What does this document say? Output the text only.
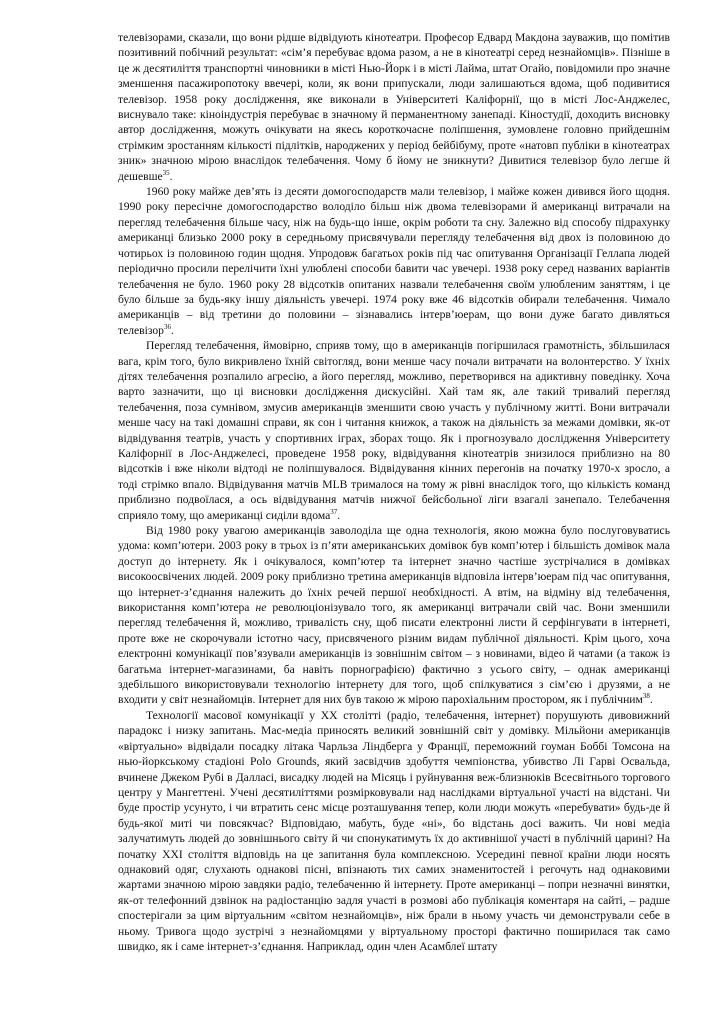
телевізорами, сказали, що вони рідше відвідують кінотеатри. Професор Едвард Макдона зауважив, що помітив позитивний побічний результат: «сім’я перебуває вдома разом, а не в кінотеатрі серед незнайомців». Пізніше в це ж десятиліття транспортні чиновники в місті Нью-Йорк і в місті Лайма, штат Огайо, повідомили про значне зменшення пасажиропотоку ввечері, коли, як вони припускали, люди залишаються вдома, щоб подивитися телевізор. 1958 року дослідження, яке виконали в Університеті Каліфорнії, що в місті Лос-Анджелес, виснувало таке: кіноіндустрія перебуває в значному й перманентному занепаді. Кіностудії, доходить висновку автор дослідження, можуть очікувати на якесь короткочасне поліпшення, зумовлене головно прийдешнім стрімким зростанням кількості підлітків, народжених у період бейбібуму, проте «натовп публіки в кінотеатрах зник» значною мірою внаслідок телебачення. Чому б йому не зникнути? Дивитися телевізор було легше й дешевше$^{35}$.

1960 року майже дев’ять із десяти домогосподарств мали телевізор, і майже кожен дивився його щодня. 1990 року пересічне домогосподарство володіло більш ніж двома телевізорами й американці витрачали на перегляд телебачення більше часу, ніж на будь-що інше, окрім роботи та сну. Залежно від способу підрахунку американці близько 2000 року в середньому присвячували перегляду телебачення від двох із половиною до чотирьох із половиною годин щодня. Упродовж багатьох років під час опитування Організації Геллапа людей періодично просили перелічити їхні улюблені способи бавити час увечері. 1938 року серед названих варіантів телебачення не було. 1960 року 28 відсотків опитаних назвали телебачення своїм улюбленим заняттям, і це було більше за будь-яку іншу діяльність увечері. 1974 року вже 46 відсотків обирали телебачення. Чимало американців – від третини до половини – зізнавались інтерв’юерам, що вони дуже багато дивляться телевізор$^{36}$.

Перегляд телебачення, ймовірно, сприяв тому, що в американців погіршилася грамотність, збільшилася вага, крім того, було викривлено їхній світогляд, вони менше часу почали витрачати на волонтерство. У їхніх дітях телебачення розпалило агресію, а його перегляд, можливо, перетворився на адиктивну поведінку. Хоча варто зазначити, що ці висновки дослідження дискусійні. Хай там як, але такий тривалий перегляд телебачення, поза сумнівом, змусив американців зменшити свою участь у публічному житті. Вони витрачали менше часу на такі домашні справи, як сон і читання книжок, а також на діяльність за межами домівки, як-от відвідування театрів, участь у спортивних іграх, зборах тощо. Як і прогнозувало дослідження Університету Каліфорнії в Лос-Анджелесі, проведене 1958 року, відвідування кінотеатрів знизилося приблизно на 80 відсотків і вже ніколи відтоді не поліпшувалося. Відвідування кінних перегонів на початку 1970-х зросло, а тоді стрімко впало. Відвідування матчів MLB трималося на тому ж рівні внаслідок того, що кількість команд приблизно подвоїлася, а ось відвідування матчів нижчої бейсбольної ліги взагалі занепало. Телебачення сприяло тому, що американці сиділи вдома$^{37}$.

Від 1980 року увагою американців заволоділа ще одна технологія, якою можна було послуговуватись удома: комп’ютери. 2003 року в трьох із п’яти американських домівок був комп’ютер і більшість домівок мала доступ до інтернету. Як і очікувалося, комп’ютер та інтернет значно частіше зустрічалися в домівках високоосвічених людей. 2009 року приблизно третина американців відповіла інтерв’юерам під час опитування, що інтернет-з’єднання належить до їхніх речей першої необхідності. А втім, на відміну від телебачення, використання комп’ютера не революціонізувало того, як американці витрачали свій час. Вони зменшили перегляд телебачення й, можливо, тривалість сну, щоб писати електронні листи й серфінгувати в інтернеті, проте вже не скорочували істотно часу, присвяченого різним видам публічної діяльності. Крім цього, хоча електронні комунікації пов’язували американців із зовнішнім світом – з новинами, відео й чатами (а також із багатьма інтернет-магазинами, ба навіть порнографією) фактично з усього світу, – однак американці здебільшого використовували технологію інтернету для того, щоб спілкуватися з сім’єю і друзями, а не входити у світ незнайомців. Інтернет для них був такою ж мірою парохіальним простором, як і публічним$^{38}$.

Технології масової комунікації у ХХ столітті (радіо, телебачення, інтернет) порушують дивовижний парадокс і низку запитань. Мас-медіа приносять великий зовнішній світ у домівку. Мільйони американців «віртуально» відвідали посадку літака Чарльза Ліндберга у Франції, переможний гоуман Боббі Томсона на нью-йоркському стадіоні Polo Grounds, який засвідчив здобуття чемпіонства, убивство Лі Гарві Освальда, вчинене Джеком Рубі в Далласі, висадку людей на Місяць і руйнування веж-близнюків Всесвітнього торгового центру у Мангеттені. Учені десятиліттями розмірковували над наслідками віртуальної участі на відстані. Чи буде простір усунуто, і чи втратить сенс місце розташування тепер, коли люди можуть «перебувати» будь-де й будь-якої миті чи повсякчас? Відповідаю, мабуть, буде «ні», бо відстань досі важить. Чи нові медіа залучатимуть людей до зовнішнього світу й чи спонукатимуть їх до активнішої участі в публічній царині? На початку ХХІ століття відповідь на це запитання була комплексною. Усередині певної країни люди носять однаковий одяг, слухають однакові пісні, впізнають тих самих знаменитостей і регочуть над однаковими жартами значною мірою завдяки радіо, телебаченню й інтернету. Проте американці – попри незначні винятки, як-от телефонний дзвінок на радіостанцію задля участі в розмові або публікація коментаря на сайті, – радше спостерігали за цим віртуальним «світом незнайомців», ніж брали в ньому участь чи демонстрували себе в ньому. Тривога щодо зустрічі з незнайомцями у віртуальному просторі фактично поширилася так само швидко, як і саме інтернет-з’єднання. Наприклад, один член Асамблеї штату
